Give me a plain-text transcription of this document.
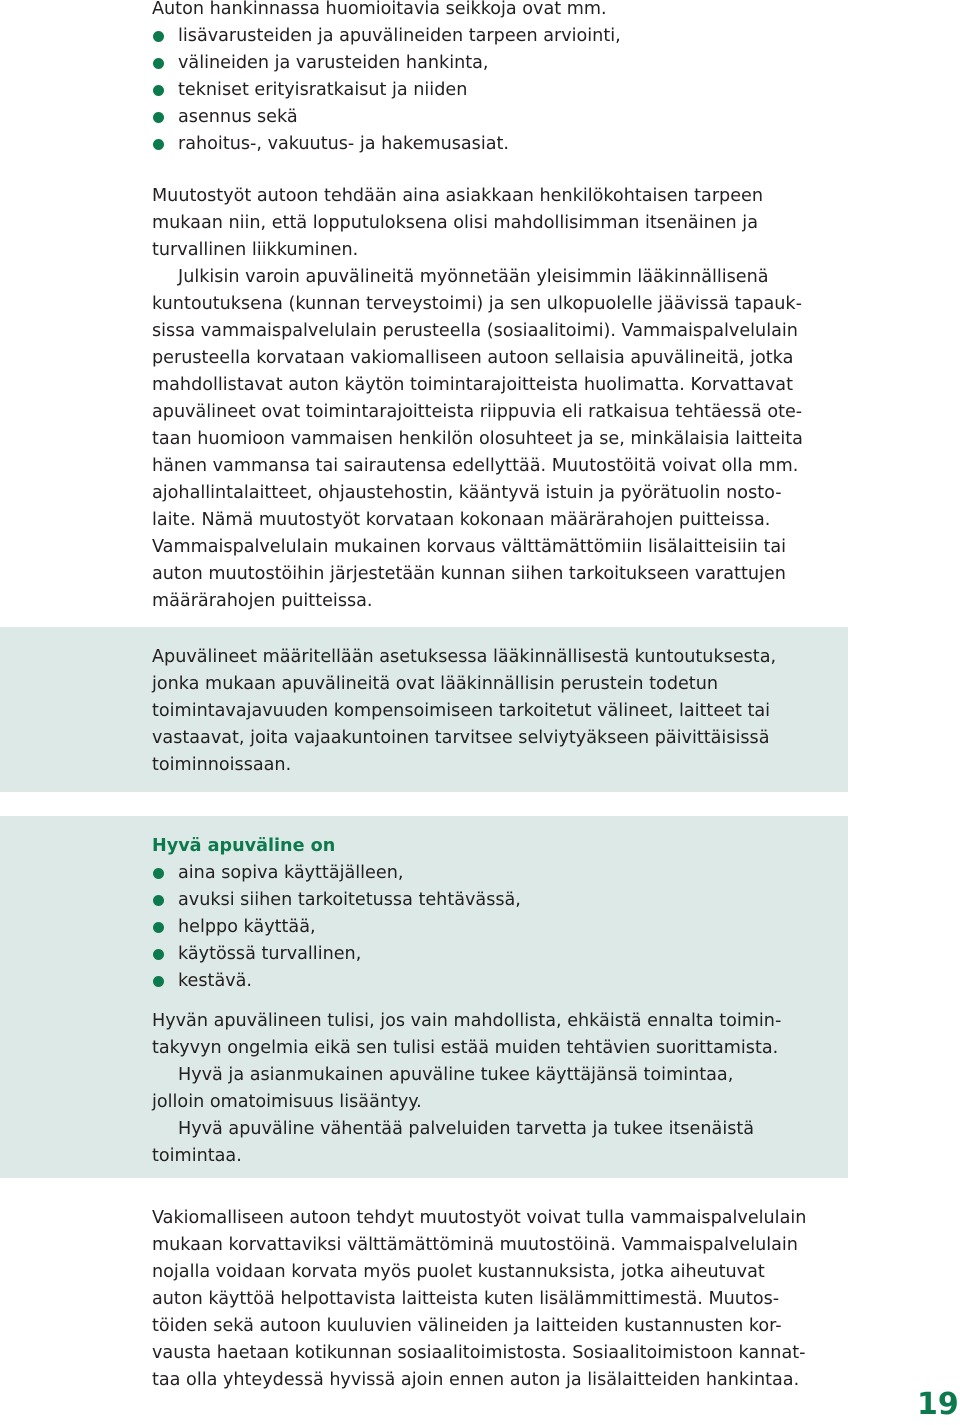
Auton hankinnassa huomioitavia seikkoja ovat mm.
lisävarusteiden ja apuvälineiden tarpeen arviointi,
välineiden ja varusteiden hankinta,
tekniset erityisratkaisut ja niiden
asennus sekä
rahoitus-, vakuutus- ja hakemusasiat.
Muutostyöt autoon tehdään aina asiakkaan henkilökohtaisen tarpeen
mukaan niin, että lopputuloksena olisi mahdollisimman itsenäinen ja
turvallinen liikkuminen.
Julkisin varoin apuvälineitä myönnetään yleisimmin lääkinnällisenä
kuntoutuksena (kunnan terveystoimi) ja sen ulkopuolelle jäävissä tapauk-
sissa vammaispalvelulain perusteella (sosiaalitoimi). Vammaispalvelulain
perusteella korvataan vakiomalliseen autoon sellaisia apuvälineitä, jotka
mahdollistavat auton käytön toimintarajoitteista huolimatta. Korvattavat
apuvälineet ovat toimintarajoitteista riippuvia eli ratkaisua tehtäessä ote-
taan huomioon vammaisen henkilön olosuhteet ja se, minkälaisia laitteita
hänen vammansa tai sairautensa edellyttää. Muutostöitä voivat olla mm.
ajohallintalaitteet, ohjaustehostin, kääntyvä istuin ja pyörätuolin nosto-
laite. Nämä muutostyöt korvataan kokonaan määrärahojen puitteissa.
Vammaispalvelulain mukainen korvaus välttämättömiin lisälaitteisiin tai
auton muutostöihin järjestetään kunnan siihen tarkoitukseen varattujen
määrärahojen puitteissa.
Apuvälineet määritellään asetuksessa lääkinnällisestä kuntoutuksesta,
jonka mukaan apuvälineitä ovat lääkinnällisin perustein todetun
toimintavajavuuden kompensoimiseen tarkoitetut välineet, laitteet tai
vastaavat, joita vajaakuntoinen tarvitsee selviytyäkseen päivittäisissä
toiminnoissaan.
Hyvä apuväline on
aina sopiva käyttäjälleen,
avuksi siihen tarkoitetussa tehtävässä,
helppo käyttää,
käytössä turvallinen,
kestävä.
Hyvän apuvälineen tulisi, jos vain mahdollista, ehkäistä ennalta toimin-
takyvyn ongelmia eikä sen tulisi estää muiden tehtävien suorittamista.
Hyvä ja asianmukainen apuväline tukee käyttäjänsä toimintaa,
jolloin omatoimisuus lisääntyy.
Hyvä apuväline vähentää palveluiden tarvetta ja tukee itsenäistä
toimintaa.
Vakiomalliseen autoon tehdyt muutostyöt voivat tulla vammaispalvelulain
mukaan korvattaviksi välttämättöminä muutostöinä. Vammaispalvelulain
nojalla voidaan korvata myös puolet kustannuksista, jotka aiheutuvat
auton käyttöä helpottavista laitteista kuten lisälämmittimestä. Muutos-
töiden sekä autoon kuuluvien välineiden ja laitteiden kustannusten kor-
vausta haetaan kotikunnan sosiaalitoimistosta. Sosiaalitoimistoon kannat-
taa olla yhteydessä hyvissä ajoin ennen auton ja lisälaitteiden hankintaa.
19
